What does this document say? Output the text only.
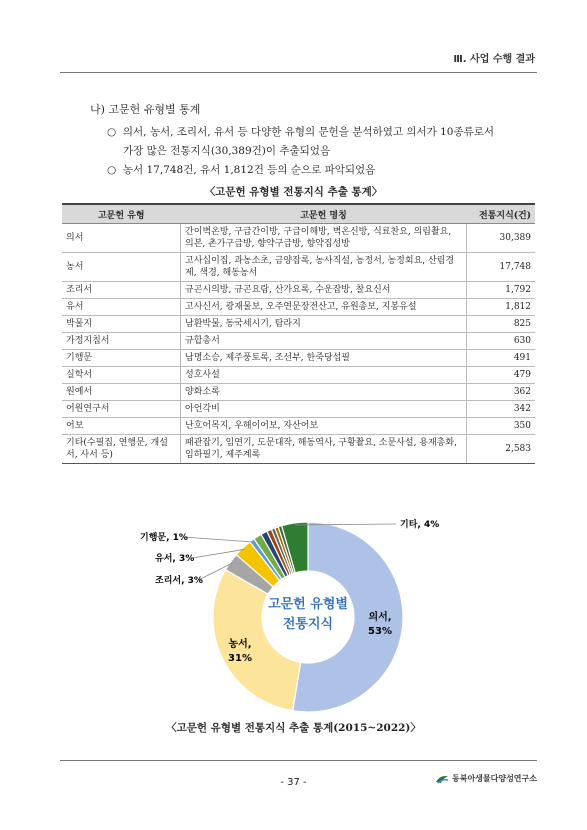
Ⅲ. 사업 수행 결과
나) 고문헌 유형별 통계
○ 의서, 농서, 조리서, 유서 등 다양한 유형의 문헌을 분석하였고 의서가 10종류로서
가장 많은 전통지식(30,389건)이 추출되었음
○ 농서 17,748건, 유서 1,812건 등의 순으로 파악되었음
〈고문헌 유형별 전통지식 추출 통계〉
고문헌 유형	고문헌 명칭	전통지식(건)
의서	간이벽온방, 구급간이방, 구급이해방, 벽온신방, 식료찬요, 의림촬요, 의본, 촌가구급방, 향약구급방, 향약집성방	30,389
농서	고사십이집, 과농소초, 금양잡록, 농사직설, 농정서, 농정회요, 산림경제, 색경, 해동농서	17,748
조리서	규곤시의방, 규곤요람, 산가요록, 수운잡방, 찰요신서	1,792
유서	고사신서, 광재물보, 오주연문장전산고, 유원총보, 지봉유설	1,812
박물지	남환박물, 동국세시기, 탐라지	825
가정지침서	규합총서	630
기행문	남명소승, 제주풍토록, 조선부, 한죽당섭필	491
실학서	성호사설	479
원예서	양화소록	362
어원연구서	아언각비	342
어보	난호어목지, 우해이어보, 자산어보	350
기타(수필집, 연행문, 개설서, 사서 등)	패관잡기, 임연기, 도문대작, 해동역사, 구황촬요, 소문사설, 용재총화, 임하필기, 제주계록	2,583
의서,
53%
농서,
31%
조리서, 3%
유서, 3%
기행문, 1%
기타, 4%
고문헌 유형별
전통지식
〈고문헌 유형별 전통지식 추출 통계(2015~2022)〉
- 37 -	동북아생물다양성연구소
